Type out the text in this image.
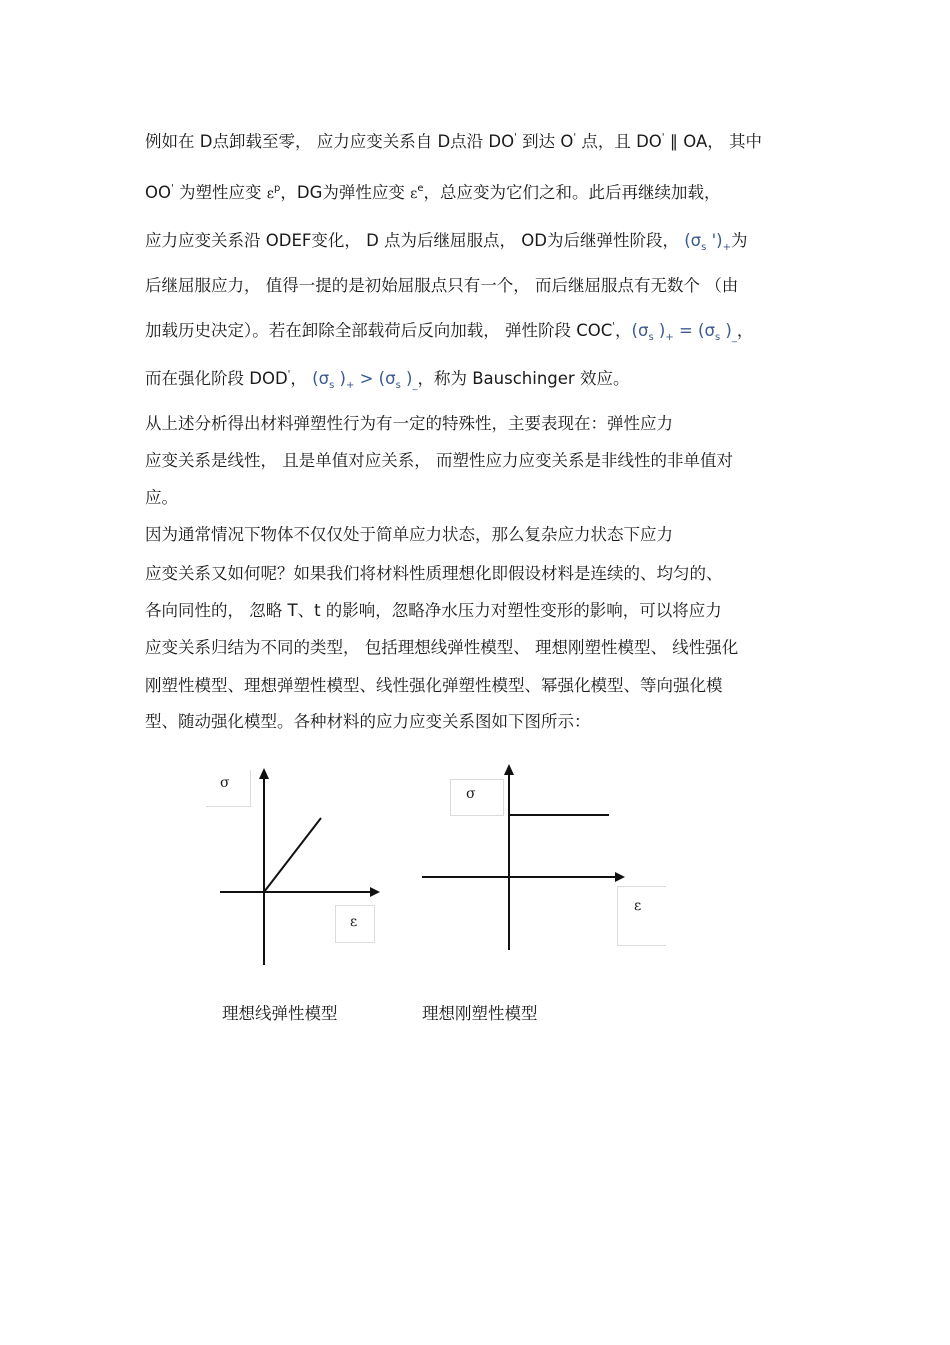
例如在 D点卸载至零， 应力应变关系自 D点沿 DO' 到达 O' 点，且 DO' ∥ OA， 其中
OO' 为塑性应变 $\varepsilon^p$，DG为弹性应变 $\varepsilon^e$，总应变为它们之和。此后再继续加载，
应力应变关系沿 ODEF变化， D 点为后继屈服点， OD为后继弹性阶段， ($\sigma_s$ ')$_+$为
后继屈服应力， 值得一提的是初始屈服点只有一个， 而后继屈服点有无数个 （由
加载历史决定）。若在卸除全部载荷后反向加载， 弹性阶段 COC'，($\sigma_s$ )$_+ = (\sigma_s$ )$_{\_}$，
而在强化阶段 DOD'， ($\sigma_s$ )$_+ > (\sigma_s$ )$_{\_}$，称为 Bauschinger 效应。
从上述分析得出材料弹塑性行为有一定的特殊性，主要表现在：弹性应力
应变关系是线性， 且是单值对应关系， 而塑性应力应变关系是非线性的非单值对
应。
因为通常情况下物体不仅仅处于简单应力状态，那么复杂应力状态下应力
应变关系又如何呢？如果我们将材料性质理想化即假设材料是连续的、均匀的、
各向同性的， 忽略 T、t 的影响，忽略净水压力对塑性变形的影响，可以将应力
应变关系归结为不同的类型， 包括理想线弹性模型、 理想刚塑性模型、 线性强化
刚塑性模型、理想弹塑性模型、线性强化弹塑性模型、幂强化模型、等向强化模
型、随动强化模型。各种材料的应力应变关系图如下图所示：
σ
ε
理想线弹性模型
σ
ε
理想刚塑性模型
